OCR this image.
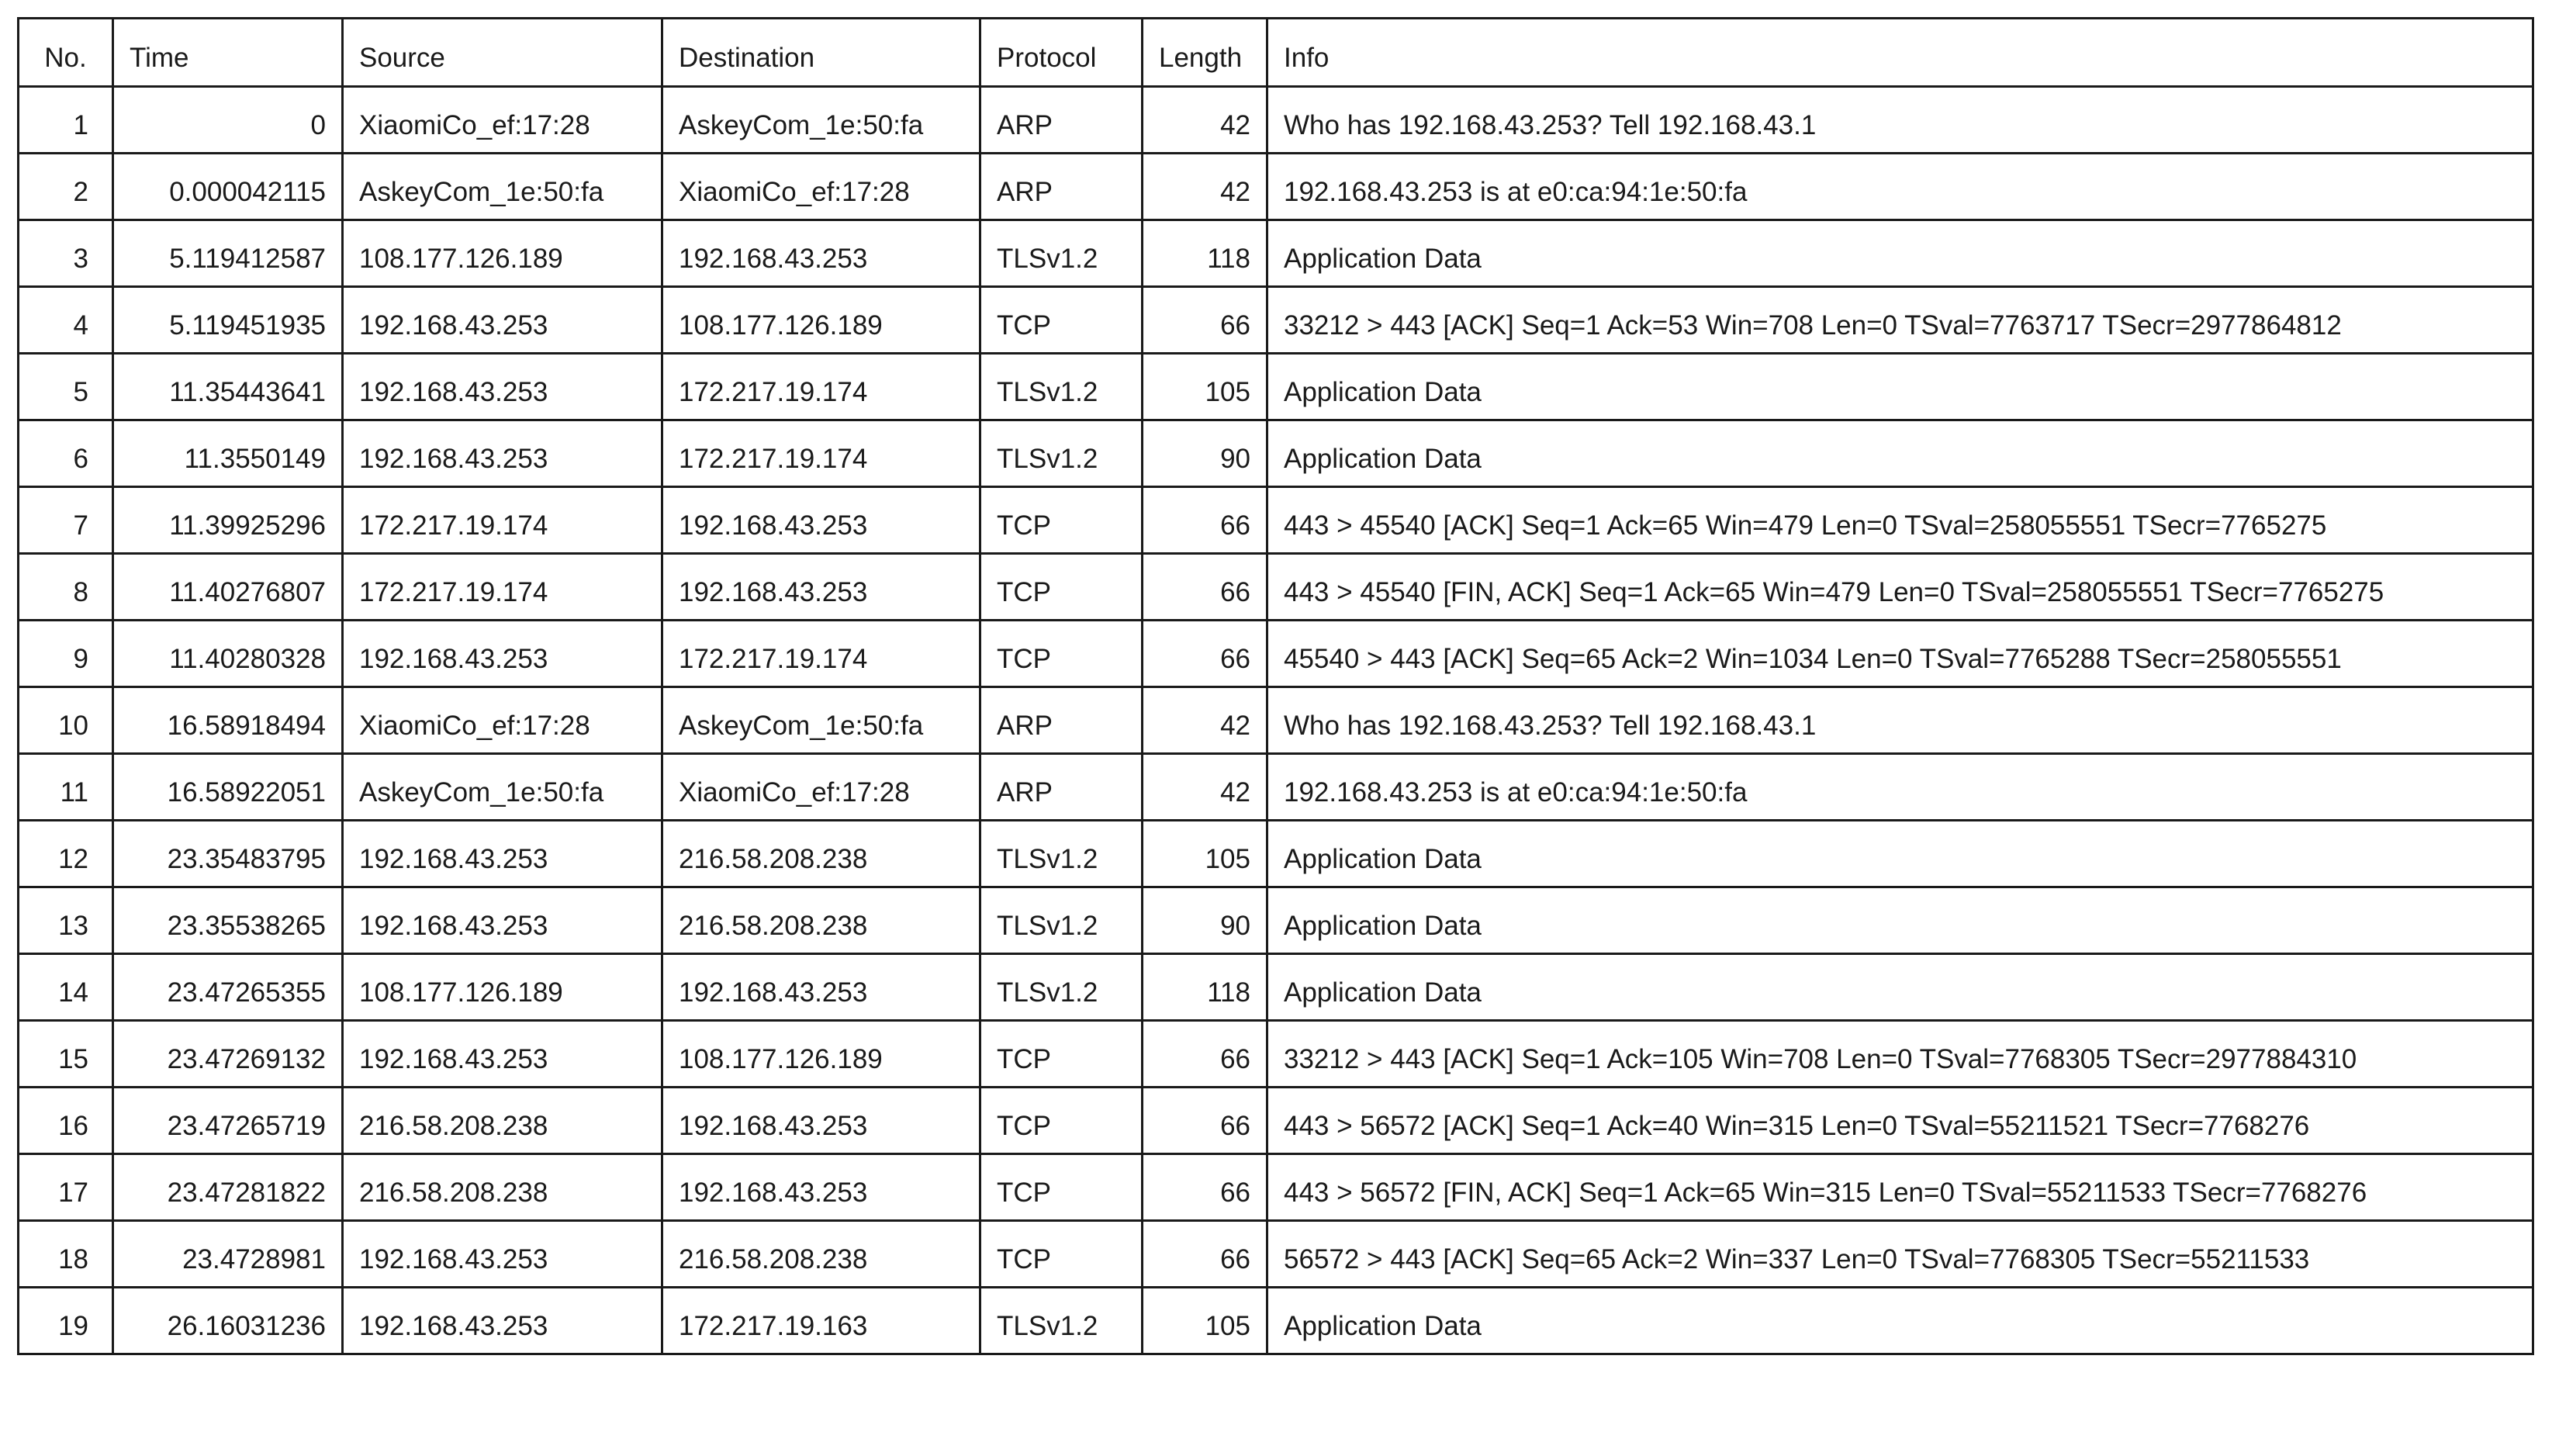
No.	Time	Source	Destination	Protocol	Length	Info
1	0	XiaomiCo_ef:17:28	AskeyCom_1e:50:fa	ARP	42	Who has 192.168.43.253? Tell 192.168.43.1
2	0.000042115	AskeyCom_1e:50:fa	XiaomiCo_ef:17:28	ARP	42	192.168.43.253 is at e0:ca:94:1e:50:fa
3	5.119412587	108.177.126.189	192.168.43.253	TLSv1.2	118	Application Data
4	5.119451935	192.168.43.253	108.177.126.189	TCP	66	33212 > 443 [ACK] Seq=1 Ack=53 Win=708 Len=0 TSval=7763717 TSecr=2977864812
5	11.35443641	192.168.43.253	172.217.19.174	TLSv1.2	105	Application Data
6	11.3550149	192.168.43.253	172.217.19.174	TLSv1.2	90	Application Data
7	11.39925296	172.217.19.174	192.168.43.253	TCP	66	443 > 45540 [ACK] Seq=1 Ack=65 Win=479 Len=0 TSval=258055551 TSecr=7765275
8	11.40276807	172.217.19.174	192.168.43.253	TCP	66	443 > 45540 [FIN, ACK] Seq=1 Ack=65 Win=479 Len=0 TSval=258055551 TSecr=7765275
9	11.40280328	192.168.43.253	172.217.19.174	TCP	66	45540 > 443 [ACK] Seq=65 Ack=2 Win=1034 Len=0 TSval=7765288 TSecr=258055551
10	16.58918494	XiaomiCo_ef:17:28	AskeyCom_1e:50:fa	ARP	42	Who has 192.168.43.253? Tell 192.168.43.1
11	16.58922051	AskeyCom_1e:50:fa	XiaomiCo_ef:17:28	ARP	42	192.168.43.253 is at e0:ca:94:1e:50:fa
12	23.35483795	192.168.43.253	216.58.208.238	TLSv1.2	105	Application Data
13	23.35538265	192.168.43.253	216.58.208.238	TLSv1.2	90	Application Data
14	23.47265355	108.177.126.189	192.168.43.253	TLSv1.2	118	Application Data
15	23.47269132	192.168.43.253	108.177.126.189	TCP	66	33212 > 443 [ACK] Seq=1 Ack=105 Win=708 Len=0 TSval=7768305 TSecr=2977884310
16	23.47265719	216.58.208.238	192.168.43.253	TCP	66	443 > 56572 [ACK] Seq=1 Ack=40 Win=315 Len=0 TSval=55211521 TSecr=7768276
17	23.47281822	216.58.208.238	192.168.43.253	TCP	66	443 > 56572 [FIN, ACK] Seq=1 Ack=65 Win=315 Len=0 TSval=55211533 TSecr=7768276
18	23.4728981	192.168.43.253	216.58.208.238	TCP	66	56572 > 443 [ACK] Seq=65 Ack=2 Win=337 Len=0 TSval=7768305 TSecr=55211533
19	26.16031236	192.168.43.253	172.217.19.163	TLSv1.2	105	Application Data
